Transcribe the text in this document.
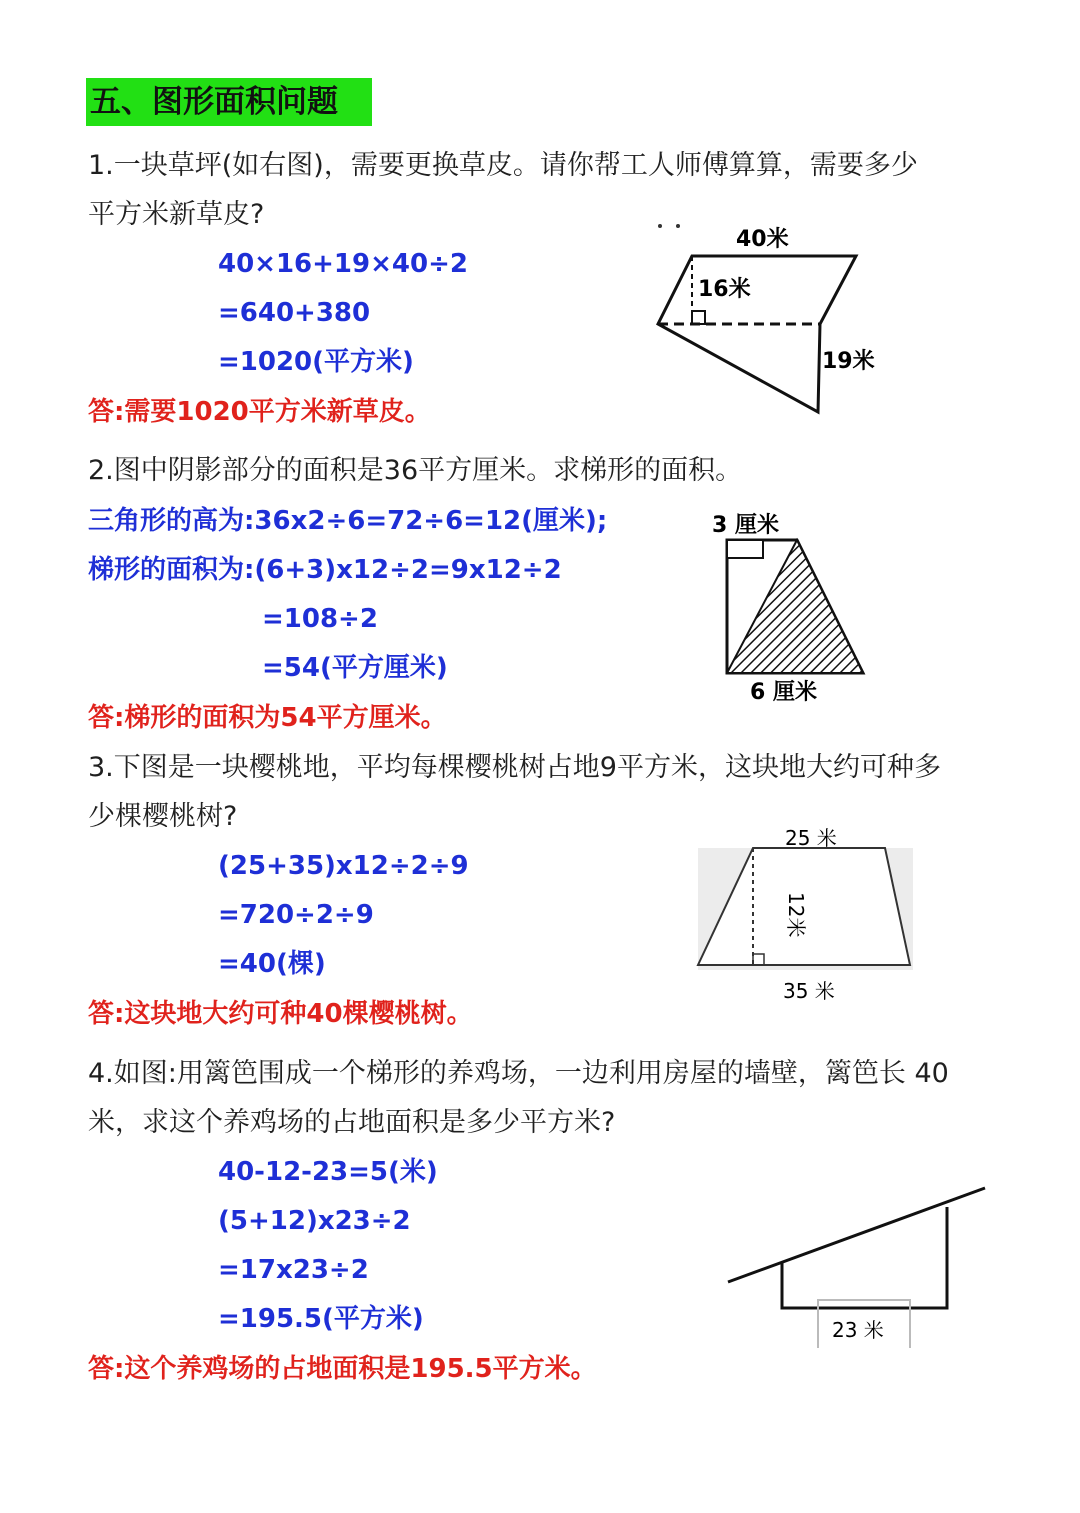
五、图形面积问题
1.一块草坪(如右图)，需要更换草皮。请你帮工人师傅算算，需要多少
平方米新草皮?
40×16+19×40÷2
=640+380
=1020(平方米)
答:需要1020平方米新草皮。
40米
16米
19米
2.图中阴影部分的面积是36平方厘米。求梯形的面积。
三角形的高为:36x2÷6=72÷6=12(厘米);
梯形的面积为:(6+3)x12÷2=9x12÷2
=108÷2
=54(平方厘米)
答:梯形的面积为54平方厘米。
3 厘米
6 厘米
3.下图是一块樱桃地，平均每棵樱桃树占地9平方米，这块地大约可种多
少棵樱桃树?
(25+35)x12÷2÷9
=720÷2÷9
=40(棵)
答:这块地大约可种40棵樱桃树。
25 米
12米
35 米
4.如图:用篱笆围成一个梯形的养鸡场，一边利用房屋的墙壁，篱笆长 40
米，求这个养鸡场的占地面积是多少平方米?
40-12-23=5(米)
(5+12)x23÷2
=17x23÷2
=195.5(平方米)
答:这个养鸡场的占地面积是195.5平方米。
23 米
